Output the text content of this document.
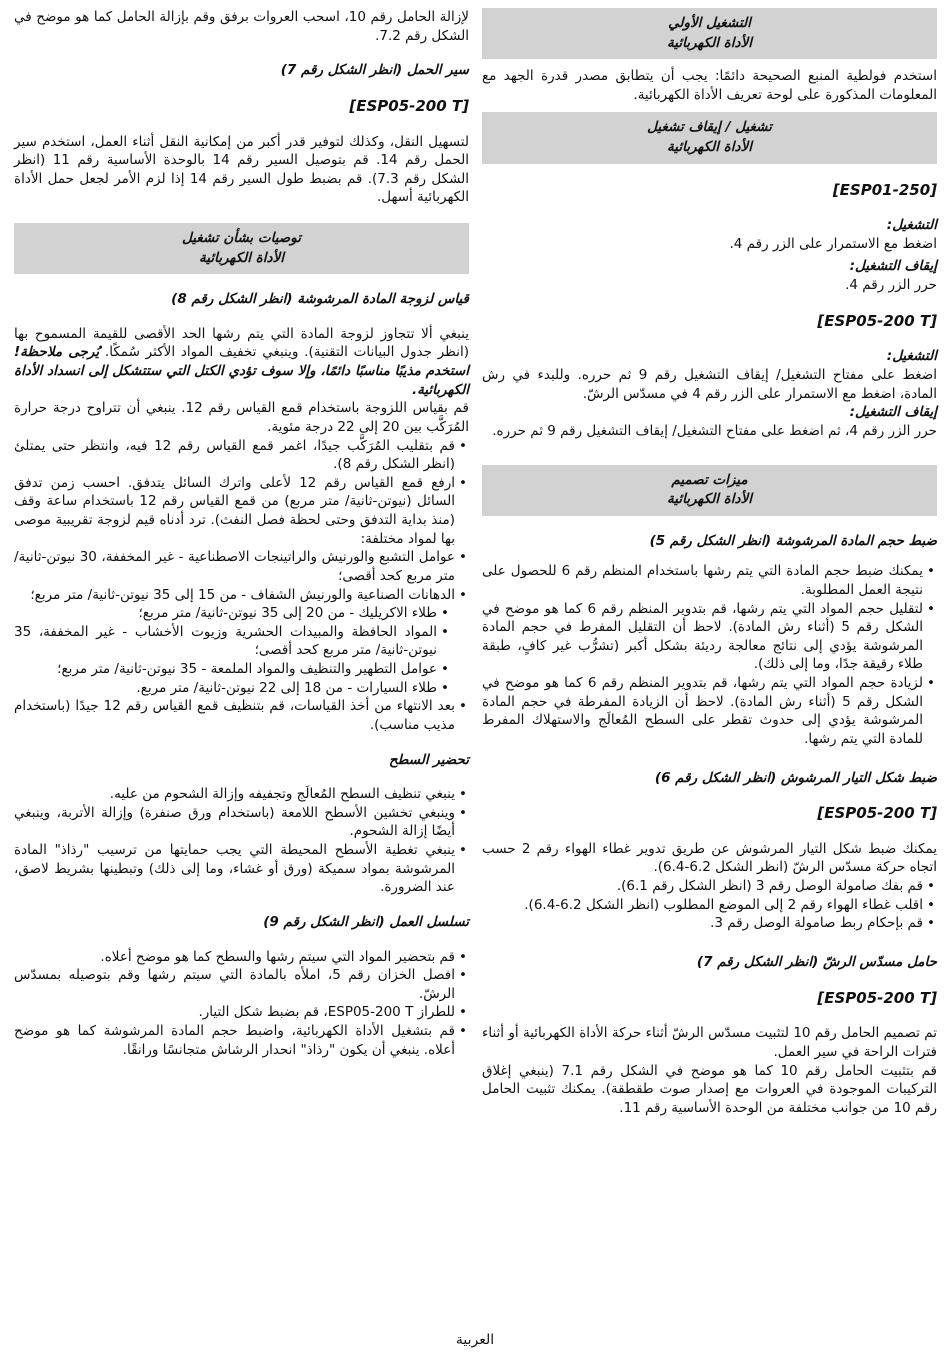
التشغيل الأولي
الأداة الكهربائية

استخدم فولطية المنبع الصحيحة دائمًا: يجب أن يتطابق مصدر قدرة الجهد مع المعلومات المذكورة على لوحة تعريف الأداة الكهربائية.

تشغيل / إيقاف تشغيل
الأداة الكهربائية
[ESP01-250]
التشغيل:

اضغط مع الاستمرار على الزر رقم 4.

إيقاف التشغيل:

حرر الزر رقم 4.

[ESP05-200 T]
التشغيل:

اضغط على مفتاح التشغيل/ إيقاف التشغيل رقم 9 ثم حرره. وللبدء في رش المادة، اضغط مع الاستمرار على الزر رقم 4 في مسدّس الرشّ.

إيقاف التشغيل:

حرر الزر رقم 4، ثم اضغط على مفتاح التشغيل/ إيقاف التشغيل رقم 9 ثم حرره.

ميزات تصميم
الأداة الكهربائية
ضبط حجم المادة المرشوشة (انظر الشكل رقم 5)
• يمكنك ضبط حجم المادة التي يتم رشها باستخدام المنظم رقم 6 للحصول على نتيجة العمل المطلوبة.
• لتقليل حجم المواد التي يتم رشها، قم بتدوير المنظم رقم 6 كما هو موضح في الشكل رقم 5 (أثناء رش المادة). لاحظ أن التقليل المفرط في حجم المادة المرشوشة يؤدي إلى نتائج معالجة رديئة بشكل أكبر (تشرُّب غير كافٍ، طبقة طلاء رقيقة جدًا، وما إلى ذلك).
• لزيادة حجم المواد التي يتم رشها، قم بتدوير المنظم رقم 6 كما هو موضح في الشكل رقم 5 (أثناء رش المادة). لاحظ أن الزيادة المفرطة في حجم المادة المرشوشة يؤدي إلى حدوث تقطر على السطح المُعالَج والاستهلاك المفرط للمادة التي يتم رشها.
ضبط شكل التيار المرشوش (انظر الشكل رقم 6)
[ESP05-200 T]

يمكنك ضبط شكل التيار المرشوش عن طريق تدوير غطاء الهواء رقم 2 حسب اتجاه حركة مسدّس الرشّ (انظر الشكل 6.2-6.4).

• قم بفك صامولة الوصل رقم 3 (انظر الشكل رقم 6.1).
• اقلب غطاء الهواء رقم 2 إلى الموضع المطلوب (انظر الشكل 6.2-6.4).
• قم بإحكام ربط صامولة الوصل رقم 3.
حامل مسدّس الرشّ (انظر الشكل رقم 7)
[ESP05-200 T]

تم تصميم الحامل رقم 10 لتثبيت مسدّس الرشّ أثناء حركة الأداة الكهربائية أو أثناء فترات الراحة في سير العمل.

قم بتثبيت الحامل رقم 10 كما هو موضح في الشكل رقم 7.1 (ينبغي إغلاق التركيبات الموجودة في العروات مع إصدار صوت طقطقة). يمكنك تثبيت الحامل رقم 10 من جوانب مختلفة من الوحدة الأساسية رقم 11.

لإزالة الحامل رقم 10، اسحب العروات برفق وقم بإزالة الحامل كما هو موضح في الشكل رقم 7.2.

سير الحمل (انظر الشكل رقم 7)
[ESP05-200 T]

لتسهيل النقل، وكذلك لتوفير قدر أكبر من إمكانية النقل أثناء العمل، استخدم سير الحمل رقم 14. قم بتوصيل السير رقم 14 بالوحدة الأساسية رقم 11 (انظر الشكل رقم 7.3). قم بضبط طول السير رقم 14 إذا لزم الأمر لجعل حمل الأداة الكهربائية أسهل.

توصيات بشأن تشغيل
الأداة الكهربائية
قياس لزوجة المادة المرشوشة (انظر الشكل رقم 8)

ينبغي ألا تتجاوز لزوجة المادة التي يتم رشها الحد الأقصى للقيمة المسموح بها (انظر جدول البيانات التقنية). وينبغي تخفيف المواد الأكثر سُمكًا. يُرجى ملاحظة! استخدم مذيبًا مناسبًا دائمًا، وإلا سوف تؤدي الكتل التي ستتشكل إلى انسداد الأداة الكهربائية.

قم بقياس اللزوجة باستخدام قمع القياس رقم 12. ينبغي أن تتراوح درجة حرارة المُرَكَّب بين 20 إلى 22 درجة مئوية.

• قم بتقليب المُرَكَّب جيدًا، اغمر قمع القياس رقم 12 فيه، وانتظر حتى يمتلئ (انظر الشكل رقم 8).
• ارفع قمع القياس رقم 12 لأعلى واترك السائل يتدفق. احسب زمن تدفق السائل (نيوتن-ثانية/ متر مربع) من قمع القياس رقم 12 باستخدام ساعة وقف (منذ بداية التدفق وحتى لحظة فصل النفث). ترد أدناه قيم لزوجة تقريبية موصى بها لمواد مختلفة:
• عوامل التشبع والورنيش والراتينجات الاصطناعية - غير المخففة، 30 نيوتن-ثانية/ متر مربع كحد أقصى؛
• الدهانات الصناعية والورنيش الشفاف - من 15 إلى 35 نيوتن-ثانية/ متر مربع؛
• طلاء الاكريليك - من 20 إلى 35 نيوتن-ثانية/ متر مربع؛
• المواد الحافظة والمبيدات الحشرية وزيوت الأخشاب - غير المخففة، 35 نيوتن-ثانية/ متر مربع كحد أقصى؛
• عوامل التطهير والتنظيف والمواد الملمعة - 35 نيوتن-ثانية/ متر مربع؛
• طلاء السيارات - من 18 إلى 22 نيوتن-ثانية/ متر مربع.
• بعد الانتهاء من أخذ القياسات، قم بتنظيف قمع القياس رقم 12 جيدًا (باستخدام مذيب مناسب).
تحضير السطح
• ينبغي تنظيف السطح المُعالَج وتجفيفه وإزالة الشحوم من عليه.
• وينبغي تخشين الأسطح اللامعة (باستخدام ورق صنفرة) وإزالة الأتربة، وينبغي أيضًا إزالة الشحوم.
• ينبغي تغطية الأسطح المحيطة التي يجب حمايتها من ترسيب "رذاذ" المادة المرشوشة بمواد سميكة (ورق أو غشاء، وما إلى ذلك) وتبطينها بشريط لاصق، عند الضرورة.
تسلسل العمل (انظر الشكل رقم 9)
• قم بتحضير المواد التي سيتم رشها والسطح كما هو موضح أعلاه.
• افصل الخزان رقم 5، املأه بالمادة التي سيتم رشها وقم بتوصيله بمسدّس الرشّ.
• للطراز ESP05-200 T، قم بضبط شكل التيار.
• قم بتشغيل الأداة الكهربائية، واضبط حجم المادة المرشوشة كما هو موضح أعلاه. ينبغي أن يكون "رذاذ" انحدار الرشاش متجانسًا ورانقًا.
العربية
